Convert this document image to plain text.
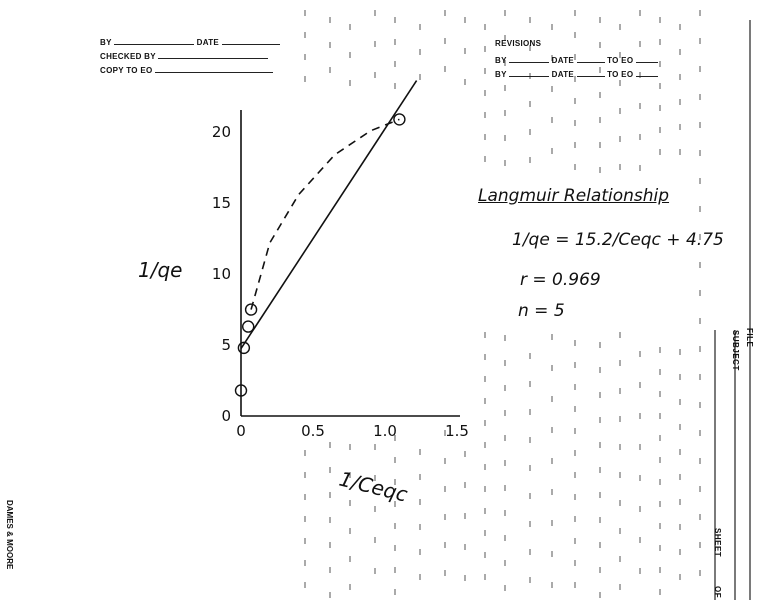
BY	DATE
CHECKED BY
COPY TO EO
REVISIONS
BY	DATE	TO EO
BY	DATE	TO EO
FILE
SUBJECT
SHEET
OF
DAMES & MOORE
0	0.5	1.0	1.5
0
5
10
15
20
1/Ceqc
1/qe
Langmuir Relationship
1/qe = 15.2/Ceqc + 4.75
r = 0.969
n = 5
